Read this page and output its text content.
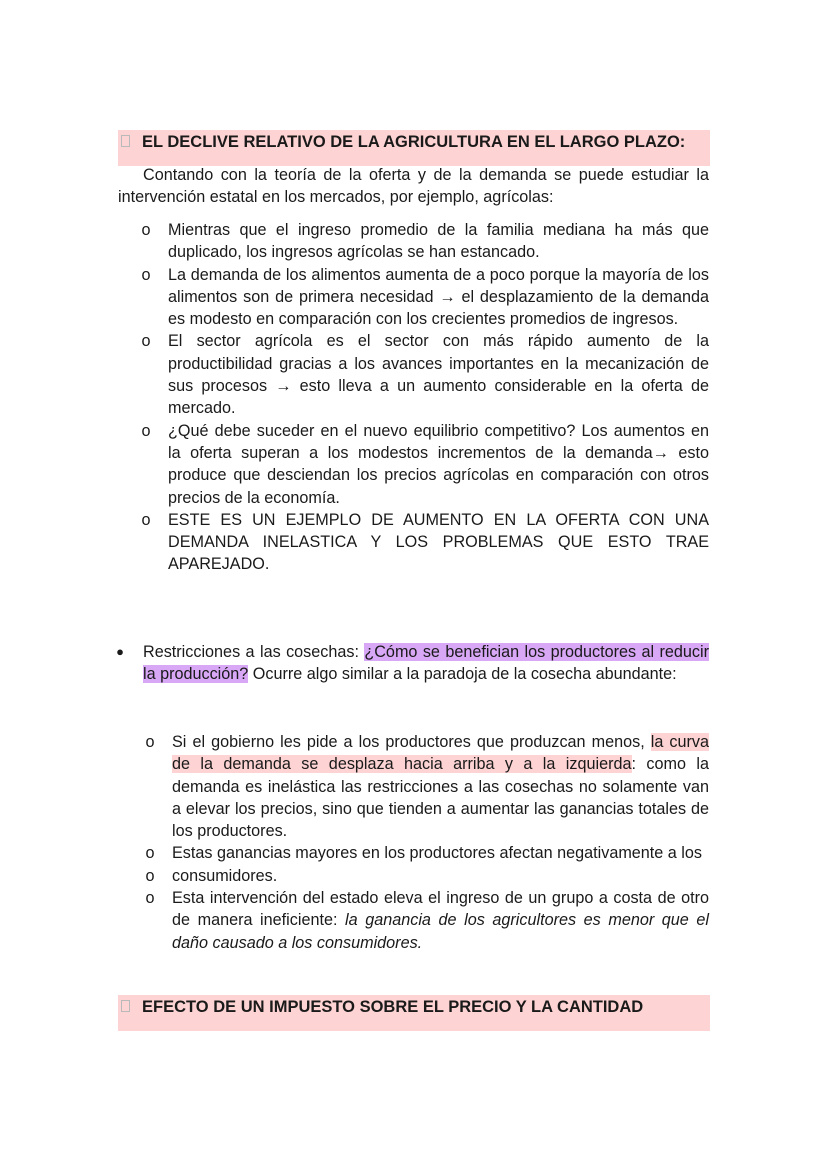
EL DECLIVE RELATIVO DE LA AGRICULTURA EN EL LARGO PLAZO:
Contando con la teoría de la oferta y de la demanda se puede estudiar la intervención estatal en los mercados, por ejemplo, agrícolas:
o Mientras que el ingreso promedio de la familia mediana ha más que duplicado, los ingresos agrícolas se han estancado.
o La demanda de los alimentos aumenta de a poco porque la mayoría de los alimentos son de primera necesidad → el desplazamiento de la demanda es modesto en comparación con los crecientes promedios de ingresos.
o El sector agrícola es el sector con más rápido aumento de la productibilidad gracias a los avances importantes en la mecanización de sus procesos → esto lleva a un aumento considerable en la oferta de mercado.
o ¿Qué debe suceder en el nuevo equilibrio competitivo? Los aumentos en la oferta superan a los modestos incrementos de la demanda→ esto produce que desciendan los precios agrícolas en comparación con otros precios de la economía.
o ESTE ES UN EJEMPLO DE AUMENTO EN LA OFERTA CON UNA DEMANDA INELASTICA Y LOS PROBLEMAS QUE ESTO TRAE APAREJADO.
● Restricciones a las cosechas: ¿Cómo se benefician los productores al reducir la producción? Ocurre algo similar a la paradoja de la cosecha abundante:
o Si el gobierno les pide a los productores que produzcan menos, la curva de la demanda se desplaza hacia arriba y a la izquierda: como la demanda es inelástica las restricciones a las cosechas no solamente van a elevar los precios, sino que tienden a aumentar las ganancias totales de los productores.
o Estas ganancias mayores en los productores afectan negativamente a los
o consumidores.
o Esta intervención del estado eleva el ingreso de un grupo a costa de otro de manera ineficiente: la ganancia de los agricultores es menor que el daño causado a los consumidores.
EFECTO DE UN IMPUESTO SOBRE EL PRECIO Y LA CANTIDAD
